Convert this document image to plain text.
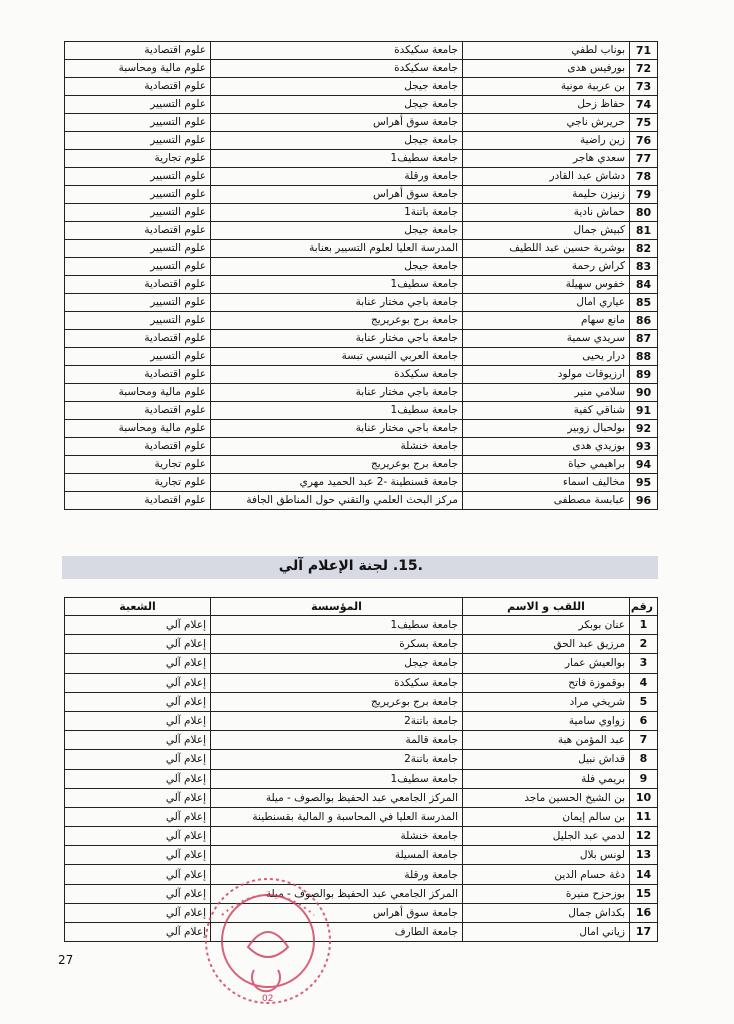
71	بوناب لطفي	جامعة سكيكدة	علوم اقتصادية
72	بورفيس هدى	جامعة سكيكدة	علوم مالية ومحاسبة
73	بن عربية مونية	جامعة جيجل	علوم اقتصادية
74	حفاظ زحل	جامعة جيجل	علوم التسيير
75	حريرش ناجي	جامعة سوق أهراس	علوم التسيير
76	زين راضية	جامعة جيجل	علوم التسيير
77	سعدي هاجر	جامعة سطيف1	علوم تجارية
78	دشاش عبد القادر	جامعة ورقلة	علوم التسيير
79	زنيزن حليمة	جامعة سوق أهراس	علوم التسيير
80	حماش نادية	جامعة باتنة1	علوم التسيير
81	كبيش جمال	جامعة جيجل	علوم اقتصادية
82	بوشربة حسين عبد اللطيف	المدرسة العليا لعلوم التسيير بعنابة	علوم التسيير
83	كراش رحمة	جامعة جيجل	علوم التسيير
84	خفوس سهيلة	جامعة سطيف1	علوم اقتصادية
85	عياري امال	جامعة باجي مختار عنابة	علوم التسيير
86	مانع سهام	جامعة برج بوعريريج	علوم التسيير
87	سريدي سمية	جامعة باجي مختار عنابة	علوم اقتصادية
88	درار يحيى	جامعة العربي التبسي تبسة	علوم التسيير
89	ارزيوقات مولود	جامعة سكيكدة	علوم اقتصادية
90	سلامي منير	جامعة باجي مختار عنابة	علوم مالية ومحاسبة
91	شناقي كفية	جامعة سطيف1	علوم اقتصادية
92	بولحبال زوبير	جامعة باجي مختار عنابة	علوم مالية ومحاسبة
93	بوزيدي هدى	جامعة خنشلة	علوم اقتصادية
94	براهيمي حياة	جامعة برج بوعريريج	علوم تجارية
95	مخاليف اسماء	جامعة قسنطينة -2 عبد الحميد مهري	علوم تجارية
96	عبابسة مصطفى	مركز البحث العلمي والتقني حول المناطق الجافة	علوم اقتصادية
.15. لجنة الإعلام آلي
رقم	اللقب و الاسم	المؤسسة	الشعبة
1	عنان بوبكر	جامعة سطيف1	إعلام آلي
2	مرزيق عبد الحق	جامعة بسكرة	إعلام آلي
3	بوالعيش عمار	جامعة جيجل	إعلام آلي
4	بوقموزة فاتح	جامعة سكيكدة	إعلام آلي
5	شريخي مراد	جامعة برج بوعريريج	إعلام آلي
6	زواوي سامية	جامعة باتنة2	إعلام آلي
7	عبد المؤمن هبة	جامعة قالمة	إعلام آلي
8	قداش نبيل	جامعة باتنة2	إعلام آلي
9	بريمي فلة	جامعة سطيف1	إعلام آلي
10	بن الشيخ الحسين ماجد	المركز الجامعي عبد الحفيظ بوالصوف - ميلة	إعلام آلي
11	بن سالم إيمان	المدرسة العليا في المحاسبة و المالية بقسنطينة	إعلام آلي
12	لدمي عبد الجليل	جامعة خنشلة	إعلام آلي
13	لونس بلال	جامعة المسيلة	إعلام آلي
14	دغة حسام الدين	جامعة ورقلة	إعلام آلي
15	بوزحزح منيرة	المركز الجامعي عبد الحفيظ بوالصوف - ميلة	إعلام آلي
16	بكداش جمال	جامعة سوق أهراس	إعلام آلي
17	زياني امال	جامعة الطارف	إعلام آلي
27
02
